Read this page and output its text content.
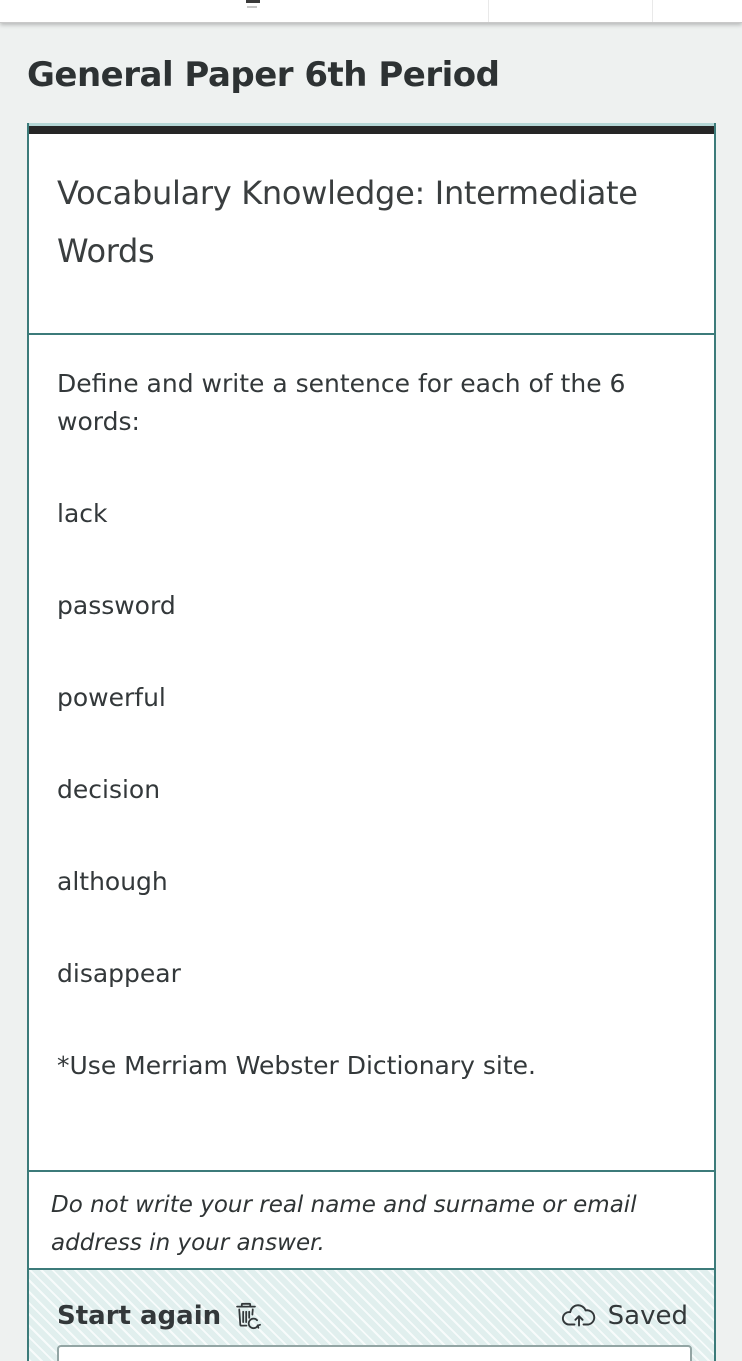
General Paper 6th Period
Vocabulary Knowledge: Intermediate Words

Define and write a sentence for each of the 6 words:

lack

password

powerful

decision

although

disappear

*Use Merriam Webster Dictionary site.

Do not write your real name and surname or email address in your answer.
Start again	Saved
